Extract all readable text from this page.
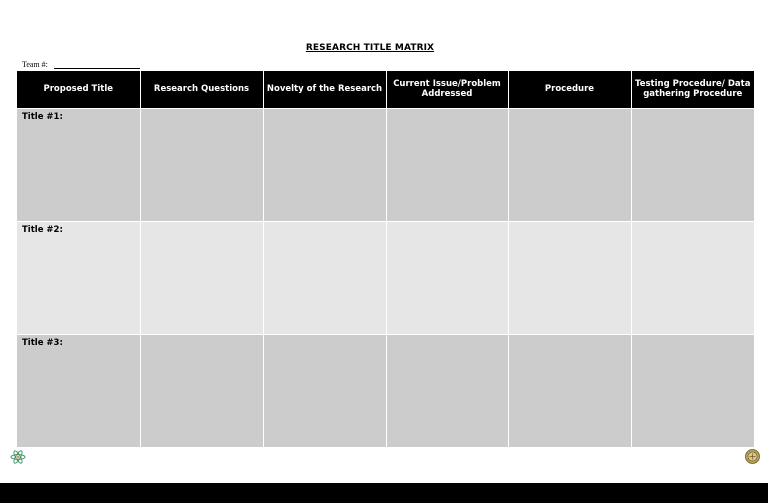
RESEARCH TITLE MATRIX
Team #:
Proposed Title	Research Questions	Novelty of the Research	Current Issue/Problem Addressed	Procedure	Testing Procedure/ Data gathering Procedure

Title #1:					

Title #2:					

Title #3:					
